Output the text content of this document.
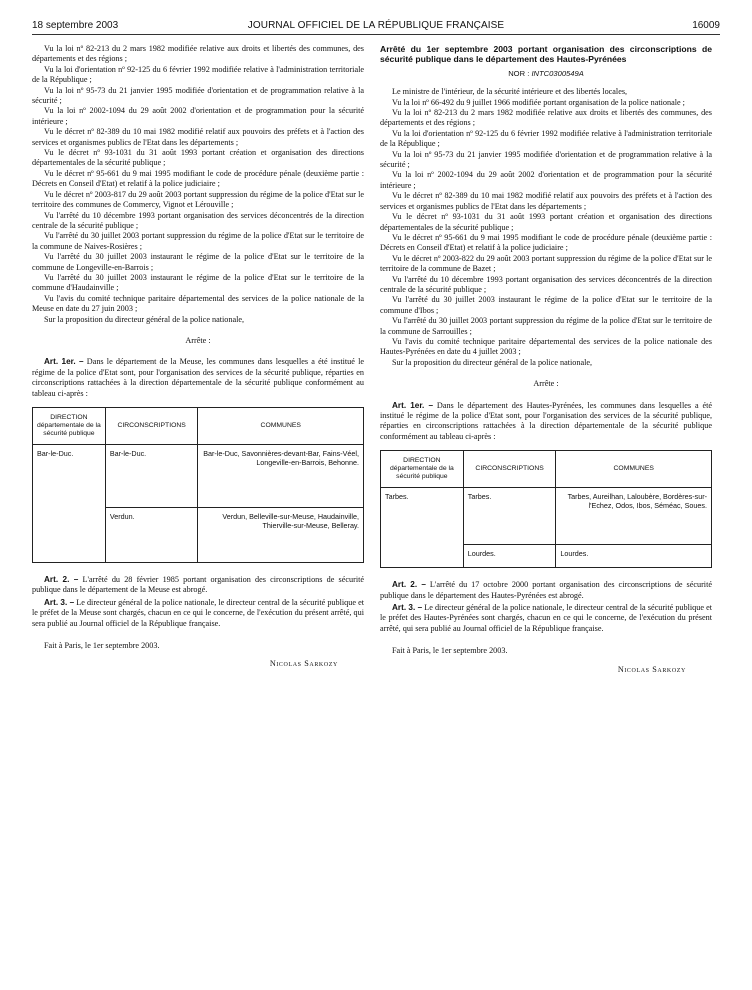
18 septembre 2003	JOURNAL OFFICIEL DE LA RÉPUBLIQUE FRANÇAISE	16009

Vu la loi nº 82-213 du 2 mars 1982 modifiée relative aux droits et libertés des communes, des départements et des régions ;

Vu la loi d'orientation nº 92-125 du 6 février 1992 modifiée relative à l'administration territoriale de la République ;

Vu la loi nº 95-73 du 21 janvier 1995 modifiée d'orientation et de programmation relative à la sécurité ;

Vu la loi nº 2002-1094 du 29 août 2002 d'orientation et de programmation pour la sécurité intérieure ;

Vu le décret nº 82-389 du 10 mai 1982 modifié relatif aux pouvoirs des préfets et à l'action des services et organismes publics de l'Etat dans les départements ;

Vu le décret nº 93-1031 du 31 août 1993 portant création et organisation des directions départementales de la sécurité publique ;

Vu le décret nº 95-661 du 9 mai 1995 modifiant le code de procédure pénale (deuxième partie : Décrets en Conseil d'Etat) et relatif à la police judiciaire ;

Vu le décret nº 2003-817 du 29 août 2003 portant suppression du régime de la police d'Etat sur le territoire des communes de Commercy, Vignot et Lérouville ;

Vu l'arrêté du 10 décembre 1993 portant organisation des services déconcentrés de la direction centrale de la sécurité publique ;

Vu l'arrêté du 30 juillet 2003 portant suppression du régime de la police d'Etat sur le territoire de la commune de Naives-Rosières ;

Vu l'arrêté du 30 juillet 2003 instaurant le régime de la police d'Etat sur le territoire de la commune de Longeville-en-Barrois ;

Vu l'arrêté du 30 juillet 2003 instaurant le régime de la police d'Etat sur le territoire de la commune d'Haudainville ;

Vu l'avis du comité technique paritaire départemental des services de la police nationale de la Meuse en date du 27 juin 2003 ;

Sur la proposition du directeur général de la police nationale,

Arrête :

Art. 1er. – Dans le département de la Meuse, les communes dans lesquelles a été institué le régime de la police d'Etat sont, pour l'organisation des services de la sécurité publique, réparties en circonscriptions rattachées à la direction départementale de la sécurité publique conformément au tableau ci-après :

DIRECTION départementale de la sécurité publique	CIRCONSCRIPTIONS	COMMUNES
Bar-le-Duc.	Bar-le-Duc.	Bar-le-Duc, Savonnières-devant-Bar, Fains-Véel, Longeville-en-Barrois, Behonne.
	Verdun.	Verdun, Belleville-sur-Meuse, Haudainville, Thierville-sur-Meuse, Belleray.

Art. 2. – L'arrêté du 28 février 1985 portant organisation des circonscriptions de sécurité publique dans le département de la Meuse est abrogé.

Art. 3. – Le directeur général de la police nationale, le directeur central de la sécurité publique et le préfet de la Meuse sont chargés, chacun en ce qui le concerne, de l'exécution du présent arrêté, qui sera publié au Journal officiel de la République française.

Fait à Paris, le 1er septembre 2003.

Nicolas Sarkozy

Arrêté du 1er septembre 2003 portant organisation des circonscriptions de sécurité publique dans le département des Hautes-Pyrénées

NOR : INTC0300549A

Le ministre de l'intérieur, de la sécurité intérieure et des libertés locales,

Vu la loi nº 66-492 du 9 juillet 1966 modifiée portant organisation de la police nationale ;

Vu la loi nº 82-213 du 2 mars 1982 modifiée relative aux droits et libertés des communes, des départements et des régions ;

Vu la loi d'orientation nº 92-125 du 6 février 1992 modifiée relative à l'administration territoriale de la République ;

Vu la loi nº 95-73 du 21 janvier 1995 modifiée d'orientation et de programmation relative à la sécurité ;

Vu la loi nº 2002-1094 du 29 août 2002 d'orientation et de programmation pour la sécurité intérieure ;

Vu le décret nº 82-389 du 10 mai 1982 modifié relatif aux pouvoirs des préfets et à l'action des services et organismes publics de l'Etat dans les départements ;

Vu le décret nº 93-1031 du 31 août 1993 portant création et organisation des directions départementales de la sécurité publique ;

Vu le décret nº 95-661 du 9 mai 1995 modifiant le code de procédure pénale (deuxième partie : Décrets en Conseil d'Etat) et relatif à la police judiciaire ;

Vu le décret nº 2003-822 du 29 août 2003 portant suppression du régime de la police d'Etat sur le territoire de la commune de Bazet ;

Vu l'arrêté du 10 décembre 1993 portant organisation des services déconcentrés de la direction centrale de la sécurité publique ;

Vu l'arrêté du 30 juillet 2003 instaurant le régime de la police d'Etat sur le territoire de la commune d'Ibos ;

Vu l'arrêté du 30 juillet 2003 portant suppression du régime de la police d'Etat sur le territoire de la commune de Sarrouilles ;

Vu l'avis du comité technique paritaire départemental des services de la police nationale des Hautes-Pyrénées en date du 4 juillet 2003 ;

Sur la proposition du directeur général de la police nationale,

Arrête :

Art. 1er. – Dans le département des Hautes-Pyrénées, les communes dans lesquelles a été institué le régime de la police d'Etat sont, pour l'organisation des services de la sécurité publique, réparties en circonscriptions rattachées à la direction départementale de la sécurité publique conformément au tableau ci-après :

DIRECTION départementale de la sécurité publique	CIRCONSCRIPTIONS	COMMUNES
Tarbes.	Tarbes.	Tarbes, Aureilhan, Laloubère, Bordères-sur-l'Echez, Odos, Ibos, Séméac, Soues.
	Lourdes.	Lourdes.

Art. 2. – L'arrêté du 17 octobre 2000 portant organisation des circonscriptions de sécurité publique dans le département des Hautes-Pyrénées est abrogé.

Art. 3. – Le directeur général de la police nationale, le directeur central de la sécurité publique et le préfet des Hautes-Pyrénées sont chargés, chacun en ce qui le concerne, de l'exécution du présent arrêté, qui sera publié au Journal officiel de la République française.

Fait à Paris, le 1er septembre 2003.

Nicolas Sarkozy
